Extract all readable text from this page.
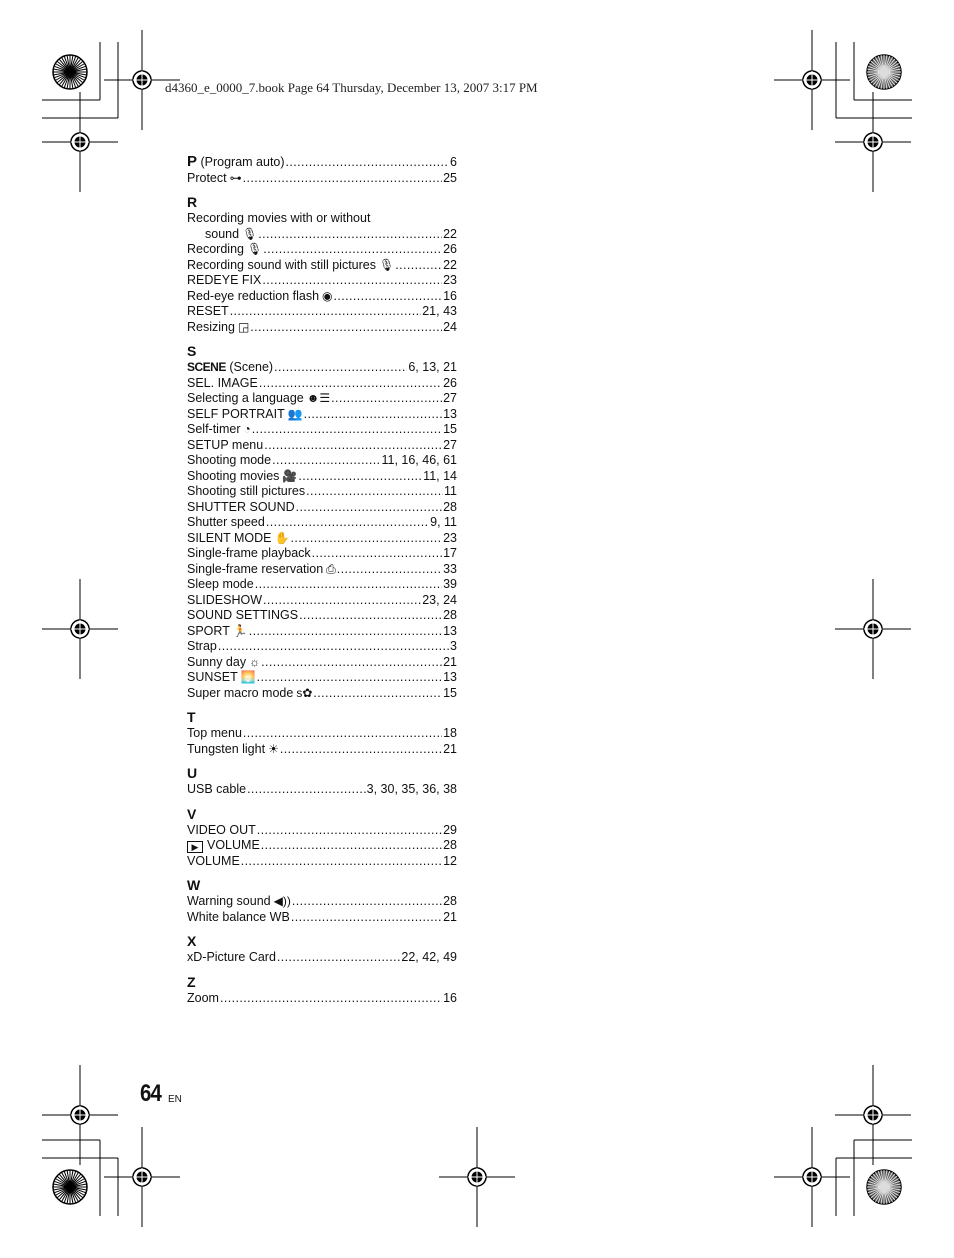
d4360_e_0000_7.book Page 64 Thursday, December 13, 2007 3:17 PM
P (Program auto) .....	6
Protect ⊶ .....	25
R
Recording movies with or without
sound 🎙 .....	22
Recording 🎙 .....	26
Recording sound with still pictures 🎙 .....	22
REDEYE FIX .....	23
Red-eye reduction flash ◉ .....	16
RESET .....	21, 43
Resizing ◲ .....	24
S
SCENE (Scene) .....	6, 13, 21
SEL. IMAGE .....	26
Selecting a language ☻☰ .....	27
SELF PORTRAIT 👥 .....	13
Self-timer ◔ .....	15
SETUP menu .....	27
Shooting mode .....	11, 16, 46, 61
Shooting movies 🎥 .....	11, 14
Shooting still pictures .....	11
SHUTTER SOUND .....	28
Shutter speed .....	9, 11
SILENT MODE ✋ .....	23
Single-frame playback .....	17
Single-frame reservation ⎙ .....	33
Sleep mode .....	39
SLIDESHOW .....	23, 24
SOUND SETTINGS .....	28
SPORT 🏃 .....	13
Strap .....	3
Sunny day ☼ .....	21
SUNSET 🌅 .....	13
Super macro mode s✿ .....	15
T
Top menu .....	18
Tungsten light ☀ .....	21
U
USB cable .....	3, 30, 35, 36, 38
V
VIDEO OUT .....	29
▶ VOLUME .....	28
VOLUME .....	12
W
Warning sound ◀)) .....	28
White balance WB .....	21
X
xD-Picture Card .....	22, 42, 49
Z
Zoom .....	16
64 EN
